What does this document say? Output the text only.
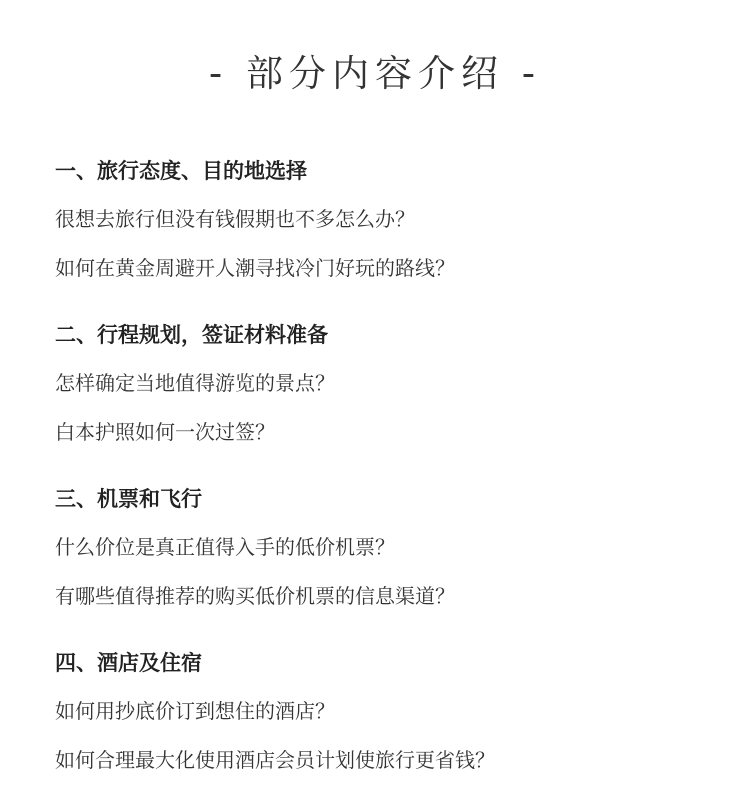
- 部分内容介绍 -
一、旅行态度、目的地选择
很想去旅行但没有钱假期也不多怎么办？
如何在黄金周避开人潮寻找冷门好玩的路线？
二、行程规划，签证材料准备
怎样确定当地值得游览的景点？
白本护照如何一次过签？
三、机票和飞行
什么价位是真正值得入手的低价机票？
有哪些值得推荐的购买低价机票的信息渠道？
四、酒店及住宿
如何用抄底价订到想住的酒店？
如何合理最大化使用酒店会员计划使旅行更省钱？
